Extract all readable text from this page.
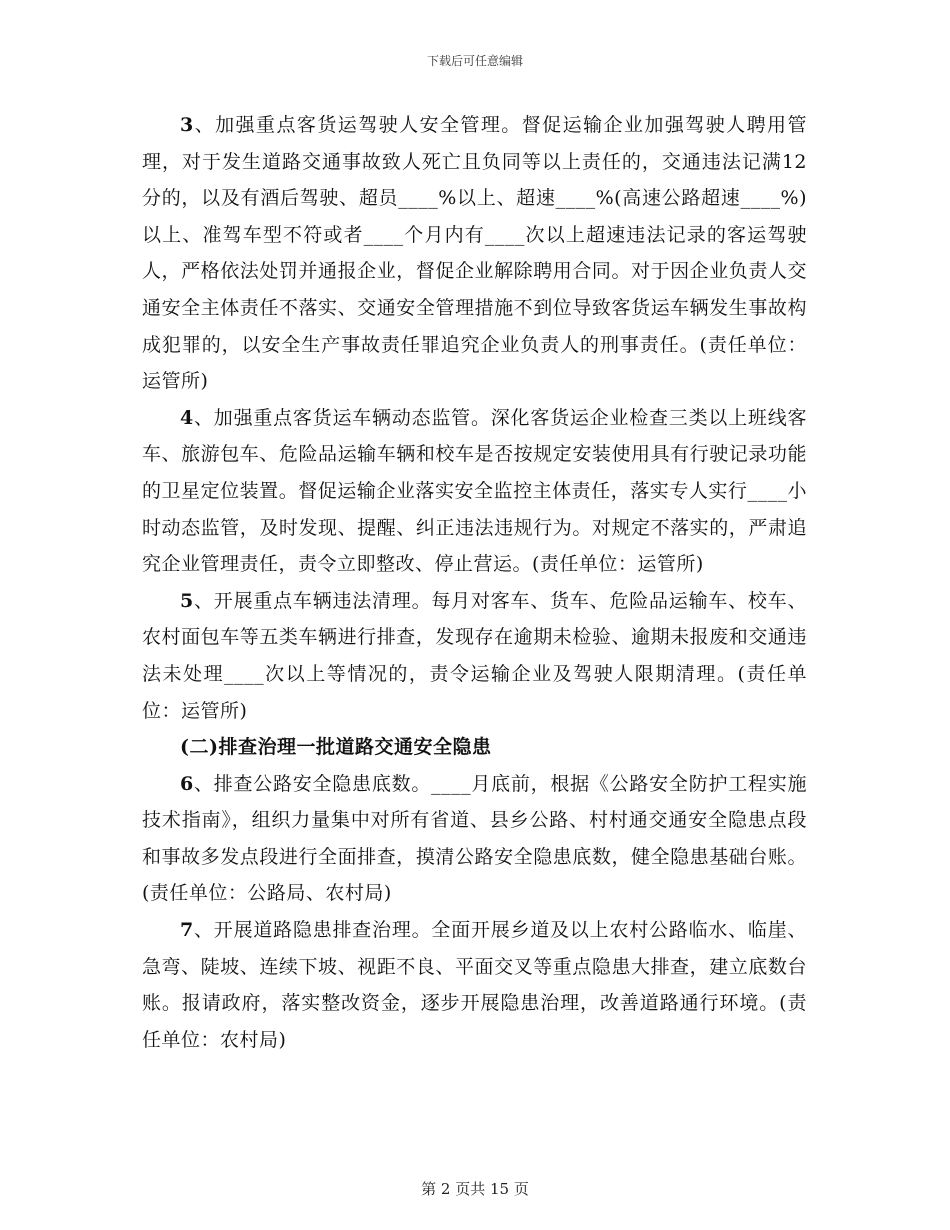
下载后可任意编辑

3、加强重点客货运驾驶人安全管理。督促运输企业加强驾驶人聘用管理，对于发生道路交通事故致人死亡且负同等以上责任的，交通违法记满12分的，以及有酒后驾驶、超员____%以上、超速____%(高速公路超速____%)以上、准驾车型不符或者____个月内有____次以上超速违法记录的客运驾驶人，严格依法处罚并通报企业，督促企业解除聘用合同。对于因企业负责人交通安全主体责任不落实、交通安全管理措施不到位导致客货运车辆发生事故构成犯罪的，以安全生产事故责任罪追究企业负责人的刑事责任。(责任单位：运管所)

4、加强重点客货运车辆动态监管。深化客货运企业检查三类以上班线客车、旅游包车、危险品运输车辆和校车是否按规定安装使用具有行驶记录功能的卫星定位装置。督促运输企业落实安全监控主体责任，落实专人实行____小时动态监管，及时发现、提醒、纠正违法违规行为。对规定不落实的，严肃追究企业管理责任，责令立即整改、停止营运。(责任单位：运管所)

5、开展重点车辆违法清理。每月对客车、货车、危险品运输车、校车、农村面包车等五类车辆进行排查，发现存在逾期未检验、逾期未报废和交通违法未处理____次以上等情况的，责令运输企业及驾驶人限期清理。(责任单位：运管所)

(二)排查治理一批道路交通安全隐患

6、排查公路安全隐患底数。____月底前，根据《公路安全防护工程实施技术指南》，组织力量集中对所有省道、县乡公路、村村通交通安全隐患点段和事故多发点段进行全面排查，摸清公路安全隐患底数，健全隐患基础台账。(责任单位：公路局、农村局)

7、开展道路隐患排查治理。全面开展乡道及以上农村公路临水、临崖、急弯、陡坡、连续下坡、视距不良、平面交叉等重点隐患大排查，建立底数台账。报请政府，落实整改资金，逐步开展隐患治理，改善道路通行环境。(责任单位：农村局)

第 2 页共 15 页
